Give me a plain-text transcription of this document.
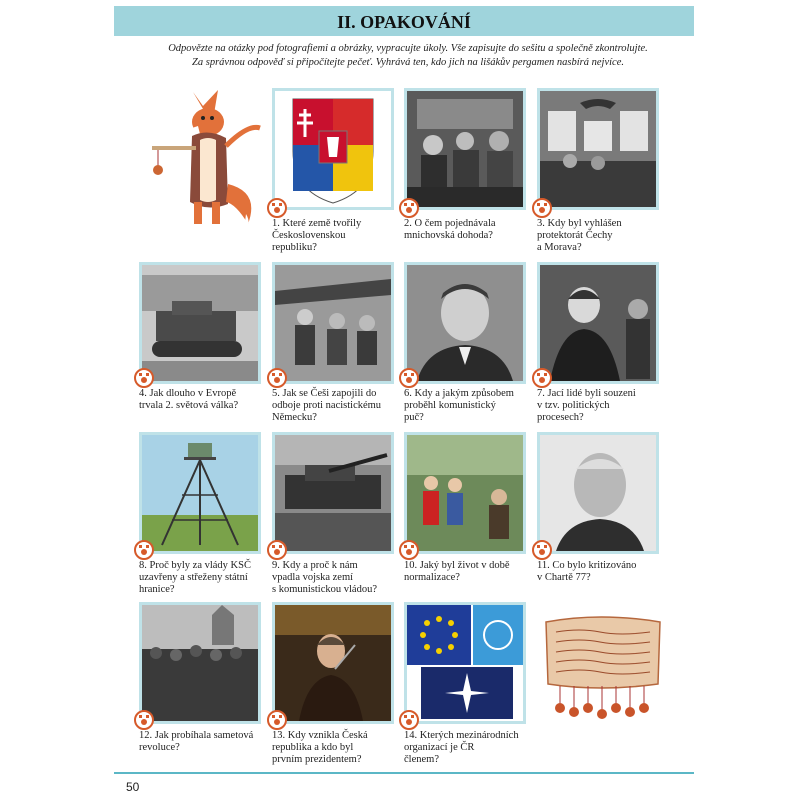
II. OPAKOVÁNÍ
Odpovězte na otázky pod fotografiemi a obrázky, vypracujte úkoly. Vše zapisujte do sešitu a společně zkontrolujte.
Za správnou odpověď si připočítejte pečeť. Vyhrává ten, kdo jich na lišákův pergamen nasbírá nejvíce.
1. Které země tvořily
Československou
republiku?
2. O čem pojednávala
mnichovská dohoda?
3. Kdy byl vyhlášen
protektorát Čechy
a Morava?
4. Jak dlouho v Evropě
trvala 2. světová válka?
5. Jak se Češi zapojili do
odboje proti nacistickému
Německu?
6. Kdy a jakým způsobem
proběhl komunistický
puč?
7. Jací lidé byli souzeni
v tzv. politických
procesech?
8. Proč byly za vlády KSČ
uzavřeny a střeženy státní
hranice?
9. Kdy a proč k nám
vpadla vojska zemí
s komunistickou vládou?
10. Jaký byl život v době
normalizace?
11. Co bylo kritizováno
v Chartě 77?
12. Jak probíhala sametová
revoluce?
13. Kdy vznikla Česká
republika a kdo byl
prvním prezidentem?
14. Kterých mezinárodních
organizací je ČR
členem?
50
